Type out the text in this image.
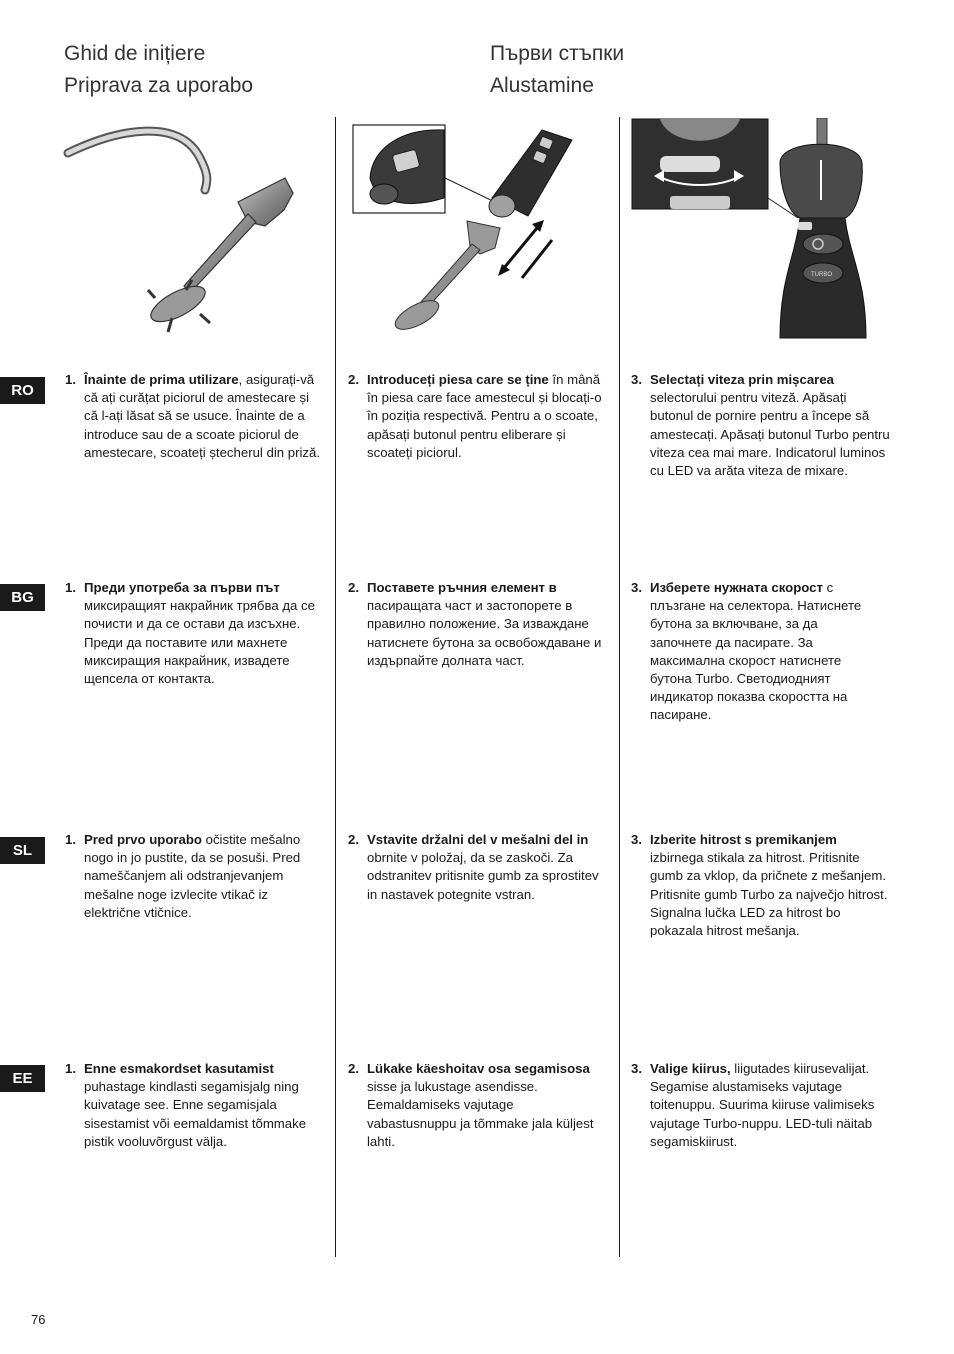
Ghid de inițiere
Priprava za uporabo
Първи стъпки
Alustamine
TURBO
RO
BG
SL
EE
1. Înainte de prima utilizare, asigurați-vă că ați curățat piciorul de amestecare și că l-ați lăsat să se usuce. Înainte de a introduce sau de a scoate piciorul de amestecare, scoateți ștecherul din priză.
2. Introduceți piesa care se ține în mână în piesa care face amestecul și blocați-o în poziția respectivă. Pentru a o scoate, apăsați butonul pentru eliberare și scoateți piciorul.
3. Selectați viteza prin mișcarea selectorului pentru viteză. Apăsați butonul de pornire pentru a începe să amestecați. Apăsați butonul Turbo pentru viteza cea mai mare. Indicatorul luminos cu LED va arăta viteza de mixare.
1. Преди употреба за първи път миксиращият накрайник трябва да се почисти и да се остави да изсъхне. Преди да поставите или махнете миксиращия накрайник, извадете щепсела от контакта.
2. Поставете ръчния елемент в пасиращата част и застопорете в правилно положение. За изваждане натиснете бутона за освобождаване и издърпайте долната част.
3. Изберете нужната скорост с плъзгане на селектора. Натиснете бутона за включване, за да започнете да пасирате. За максимална скорост натиснете бутона Turbo. Светодиодният индикатор показва скоростта на пасиране.
1. Pred prvo uporabo očistite mešalno nogo in jo pustite, da se posuši. Pred nameščanjem ali odstranjevanjem mešalne noge izvlecite vtikač iz električne vtičnice.
2. Vstavite držalni del v mešalni del in obrnite v položaj, da se zaskoči. Za odstranitev pritisnite gumb za sprostitev in nastavek potegnite vstran.
3. Izberite hitrost s premikanjem izbirnega stikala za hitrost. Pritisnite gumb za vklop, da pričnete z mešanjem. Pritisnite gumb Turbo za največjo hitrost. Signalna lučka LED za hitrost bo pokazala hitrost mešanja.
1. Enne esmakordset kasutamist puhastage kindlasti segamisjalg ning kuivatage see. Enne segamisjala sisestamist või eemaldamist tõmmake pistik vooluvõrgust välja.
2. Lükake käeshoitav osa segamisosa sisse ja lukustage asendisse. Eemaldamiseks vajutage vabastusnuppu ja tõmmake jala küljest lahti.
3. Valige kiirus, liigutades kiirusevalijat. Segamise alustamiseks vajutage toitenuppu. Suurima kiiruse valimiseks vajutage Turbo-nuppu. LED-tuli näitab segamiskiirust.
76
